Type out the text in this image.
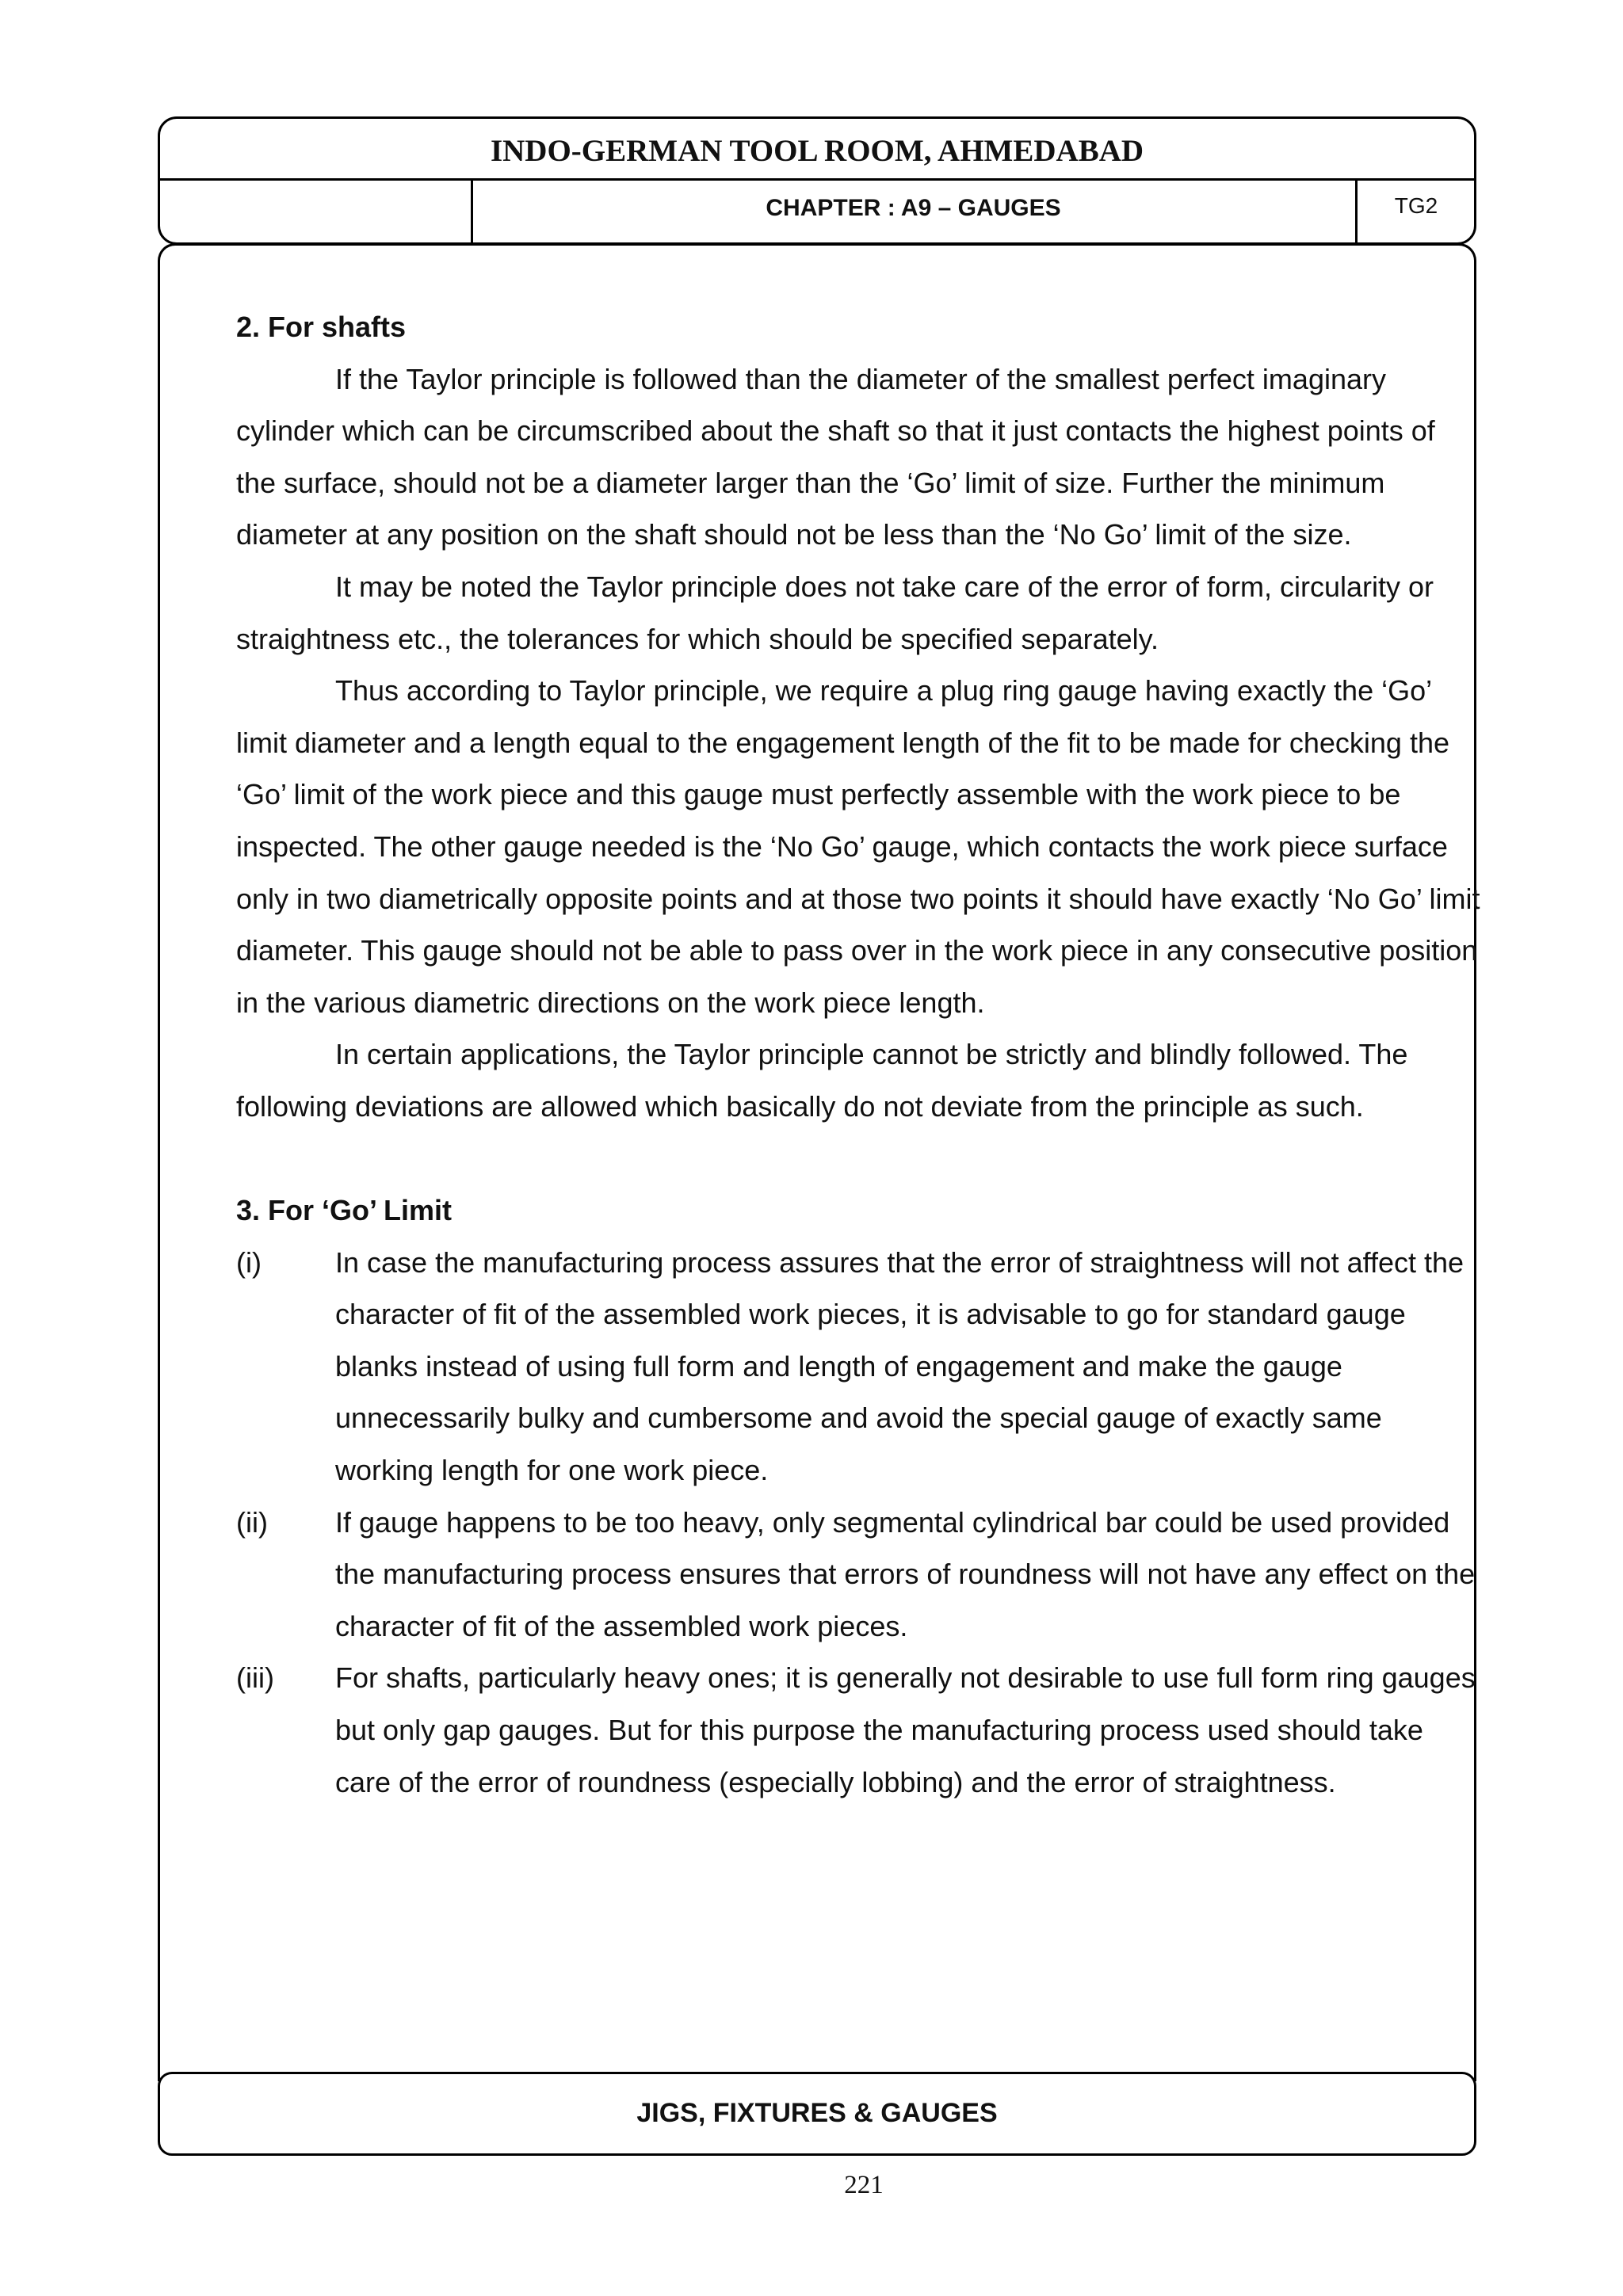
INDO-GERMAN TOOL ROOM, AHMEDABAD
CHAPTER : A9 – GAUGES	TG2

2. For shafts

If the Taylor principle is followed than the diameter of the smallest perfect imaginary cylinder which can be circumscribed about the shaft so that it just contacts the highest points of the surface, should not be a diameter larger than the ‘Go’ limit of size. Further the minimum diameter at any position on the shaft should not be less than the ‘No Go’ limit of the size.

It may be noted the Taylor principle does not take care of the error of form, circularity or straightness etc., the tolerances for which should be specified separately.

Thus according to Taylor principle, we require a plug ring gauge having exactly the ‘Go’ limit diameter and a length equal to the engagement length of the fit to be made for checking the ‘Go’ limit of the work piece and this gauge must perfectly assemble with the work piece to be inspected. The other gauge needed is the ‘No Go’ gauge, which contacts the work piece surface only in two diametrically opposite points and at those two points it should have exactly ‘No Go’ limit diameter. This gauge should not be able to pass over in the work piece in any consecutive position in the various diametric directions on the work piece length.

In certain applications, the Taylor principle cannot be strictly and blindly followed. The following deviations are allowed which basically do not deviate from the principle as such.

3. For ‘Go’ Limit

(i)	In case the manufacturing process assures that the error of straightness will not affect the character of fit of the assembled work pieces, it is advisable to go for standard gauge blanks instead of using full form and length of engagement and make the gauge unnecessarily bulky and cumbersome and avoid the special gauge of exactly same working length for one work piece.
(ii) If gauge happens to be too heavy, only segmental cylindrical bar could be used provided the manufacturing process ensures that errors of roundness will not have any effect on the character of fit of the assembled work pieces.
(iii) For shafts, particularly heavy ones; it is generally not desirable to use full form ring gauges but only gap gauges. But for this purpose the manufacturing process used should take care of the error of roundness (especially lobbing) and the error of straightness.
JIGS, FIXTURES & GAUGES
221
